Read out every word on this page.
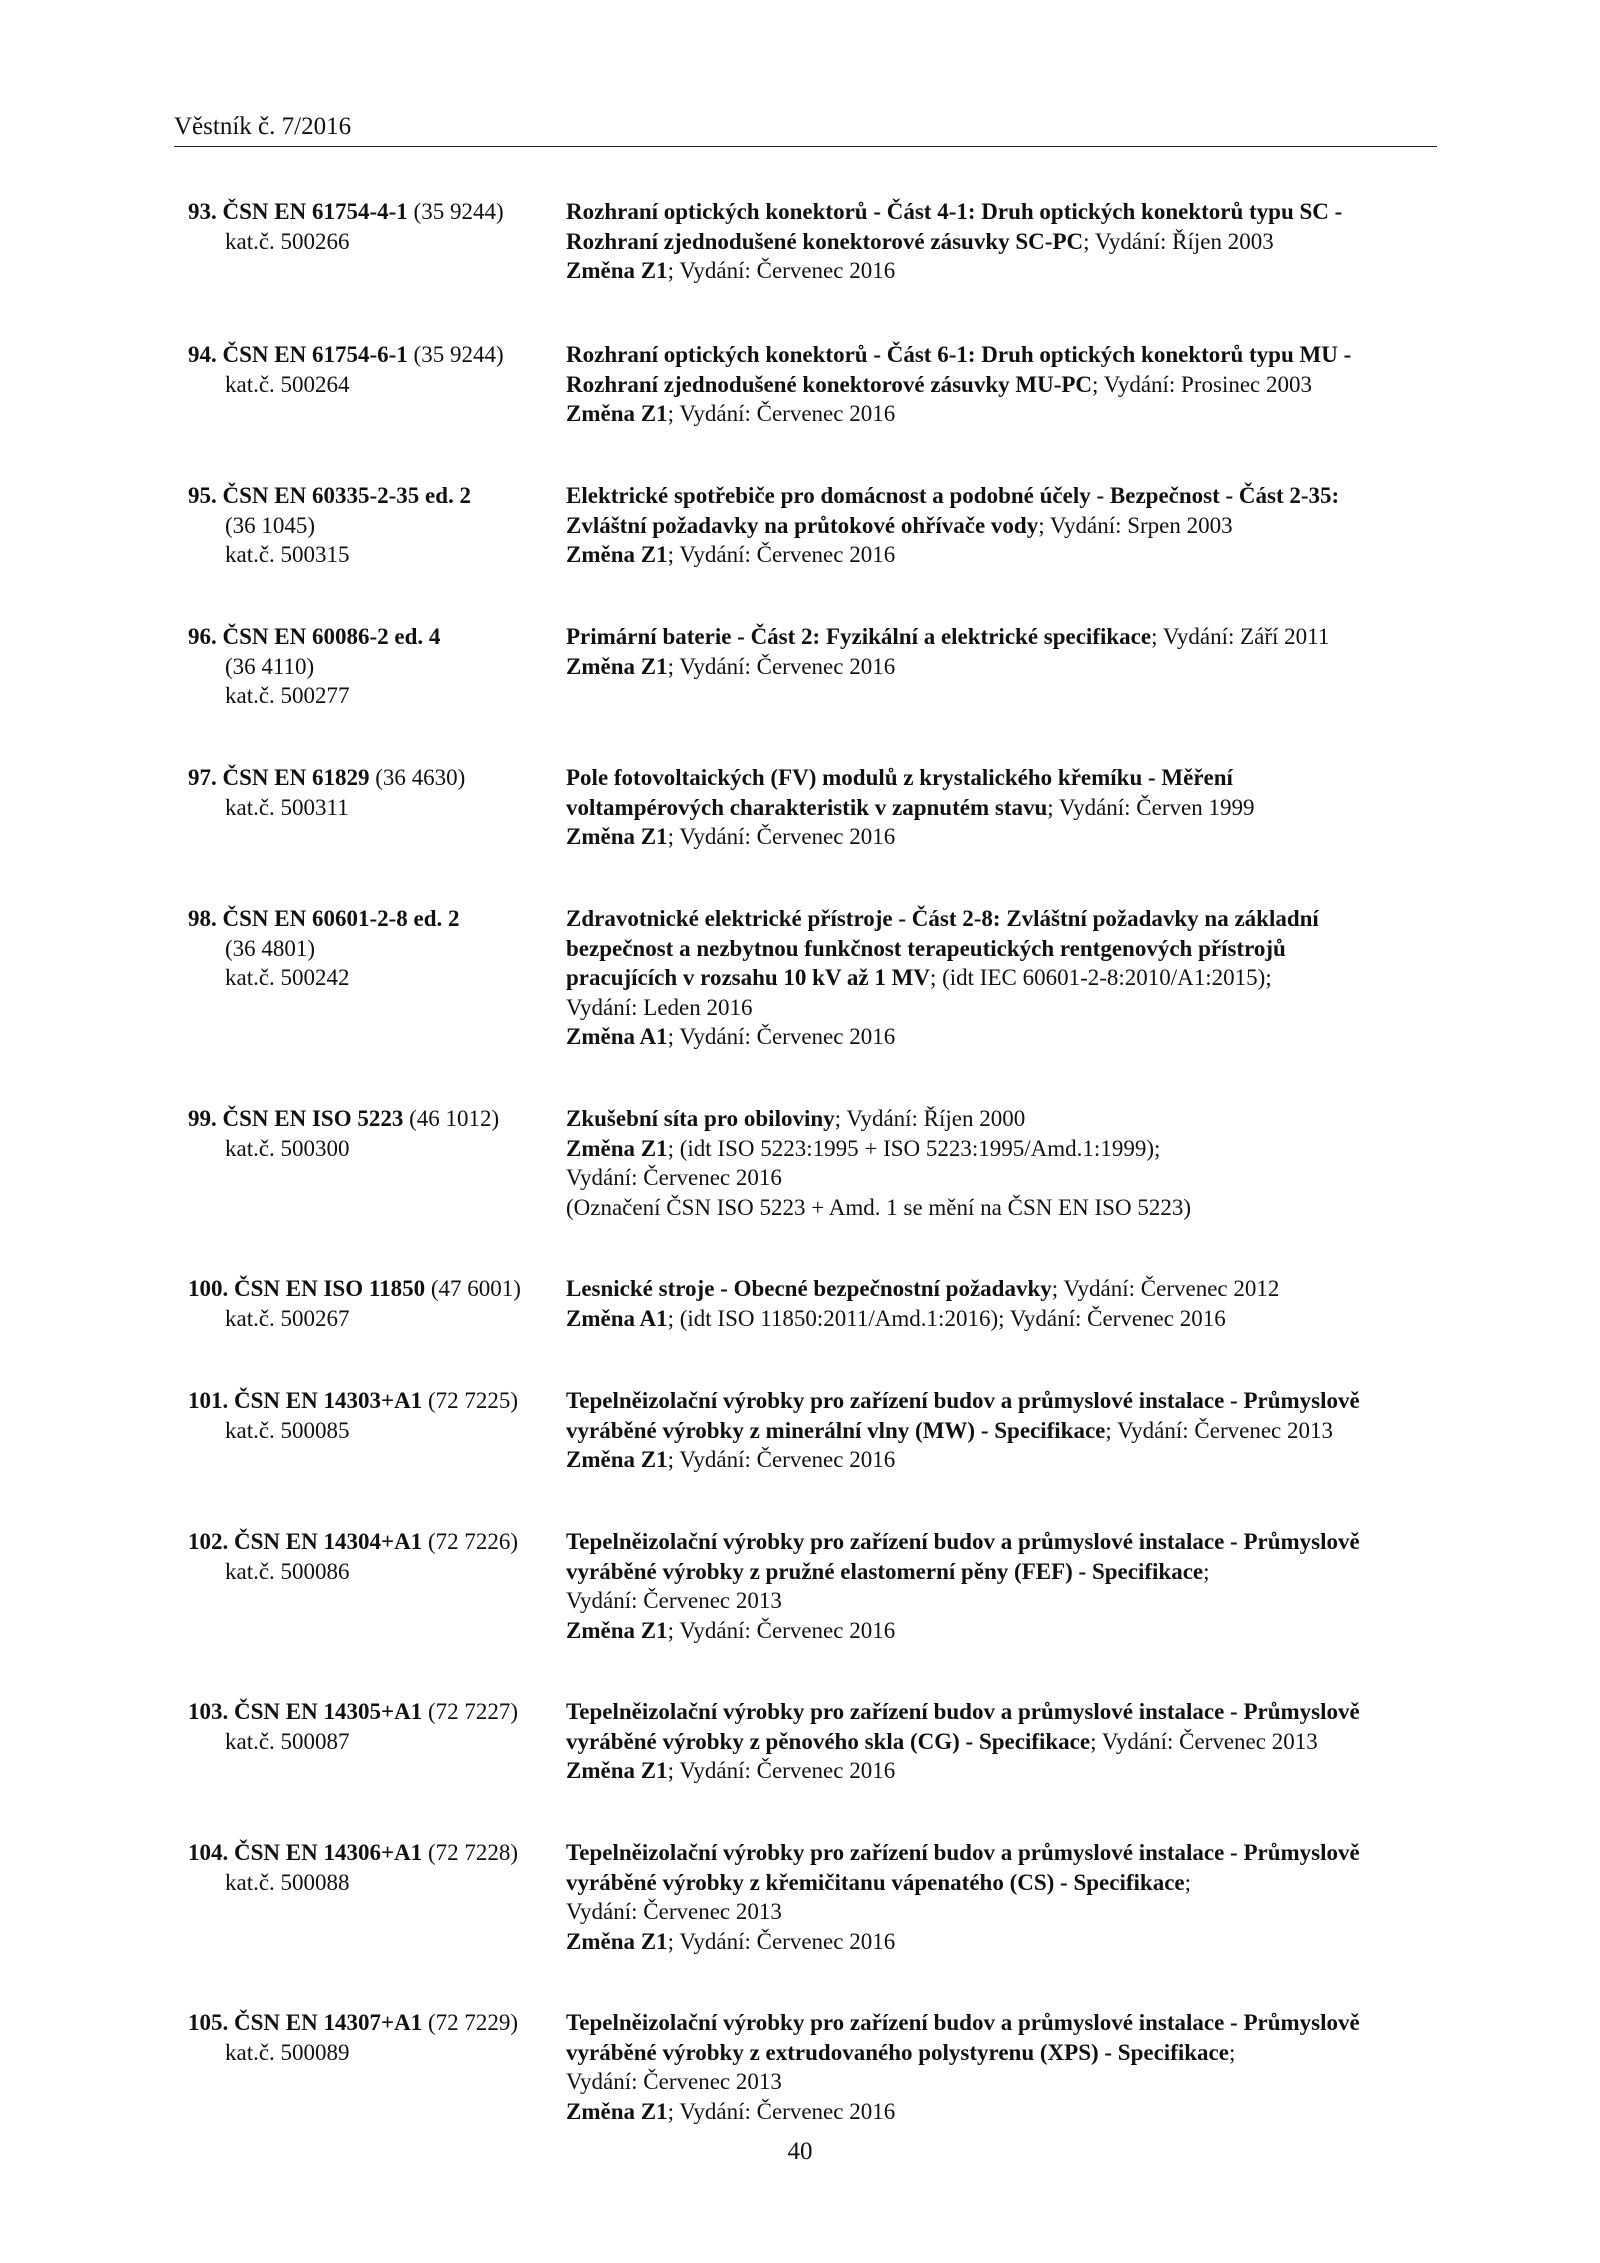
Věstník č. 7/2016
93. ČSN EN 61754-4-1 (35 9244)
kat.č. 500266
Rozhraní optických konektorů - Část 4-1: Druh optických konektorů typu SC -
Rozhraní zjednodušené konektorové zásuvky SC-PC; Vydání: Říjen 2003
Změna Z1; Vydání: Červenec 2016
94. ČSN EN 61754-6-1 (35 9244)
kat.č. 500264
Rozhraní optických konektorů - Část 6-1: Druh optických konektorů typu MU -
Rozhraní zjednodušené konektorové zásuvky MU-PC; Vydání: Prosinec 2003
Změna Z1; Vydání: Červenec 2016
95. ČSN EN 60335-2-35 ed. 2
(36 1045)
kat.č. 500315
Elektrické spotřebiče pro domácnost a podobné účely - Bezpečnost - Část 2-35:
Zvláštní požadavky na průtokové ohřívače vody; Vydání: Srpen 2003
Změna Z1; Vydání: Červenec 2016
96. ČSN EN 60086-2 ed. 4
(36 4110)
kat.č. 500277
Primární baterie - Část 2: Fyzikální a elektrické specifikace; Vydání: Září 2011
Změna Z1; Vydání: Červenec 2016
97. ČSN EN 61829 (36 4630)
kat.č. 500311
Pole fotovoltaických (FV) modulů z krystalického křemíku - Měření
voltampérových charakteristik v zapnutém stavu; Vydání: Červen 1999
Změna Z1; Vydání: Červenec 2016
98. ČSN EN 60601-2-8 ed. 2
(36 4801)
kat.č. 500242
Zdravotnické elektrické přístroje - Část 2-8: Zvláštní požadavky na základní
bezpečnost a nezbytnou funkčnost terapeutických rentgenových přístrojů
pracujících v rozsahu 10 kV až 1 MV; (idt IEC 60601-2-8:2010/A1:2015);
Vydání: Leden 2016
Změna A1; Vydání: Červenec 2016
99. ČSN EN ISO 5223 (46 1012)
kat.č. 500300
Zkušební síta pro obiloviny; Vydání: Říjen 2000
Změna Z1; (idt ISO 5223:1995 + ISO 5223:1995/Amd.1:1999);
Vydání: Červenec 2016
(Označení ČSN ISO 5223 + Amd. 1 se mění na ČSN EN ISO 5223)
100. ČSN EN ISO 11850 (47 6001)
kat.č. 500267
Lesnické stroje - Obecné bezpečnostní požadavky; Vydání: Červenec 2012
Změna A1; (idt ISO 11850:2011/Amd.1:2016); Vydání: Červenec 2016
101. ČSN EN 14303+A1 (72 7225)
kat.č. 500085
Tepelněizolační výrobky pro zařízení budov a průmyslové instalace - Průmyslově
vyráběné výrobky z minerální vlny (MW) - Specifikace; Vydání: Červenec 2013
Změna Z1; Vydání: Červenec 2016
102. ČSN EN 14304+A1 (72 7226)
kat.č. 500086
Tepelněizolační výrobky pro zařízení budov a průmyslové instalace - Průmyslově
vyráběné výrobky z pružné elastomerní pěny (FEF) - Specifikace;
Vydání: Červenec 2013
Změna Z1; Vydání: Červenec 2016
103. ČSN EN 14305+A1 (72 7227)
kat.č. 500087
Tepelněizolační výrobky pro zařízení budov a průmyslové instalace - Průmyslově
vyráběné výrobky z pěnového skla (CG) - Specifikace; Vydání: Červenec 2013
Změna Z1; Vydání: Červenec 2016
104. ČSN EN 14306+A1 (72 7228)
kat.č. 500088
Tepelněizolační výrobky pro zařízení budov a průmyslové instalace - Průmyslově
vyráběné výrobky z křemičitanu vápenatého (CS) - Specifikace;
Vydání: Červenec 2013
Změna Z1; Vydání: Červenec 2016
105. ČSN EN 14307+A1 (72 7229)
kat.č. 500089
Tepelněizolační výrobky pro zařízení budov a průmyslové instalace - Průmyslově
vyráběné výrobky z extrudovaného polystyrenu (XPS) - Specifikace;
Vydání: Červenec 2013
Změna Z1; Vydání: Červenec 2016
40
